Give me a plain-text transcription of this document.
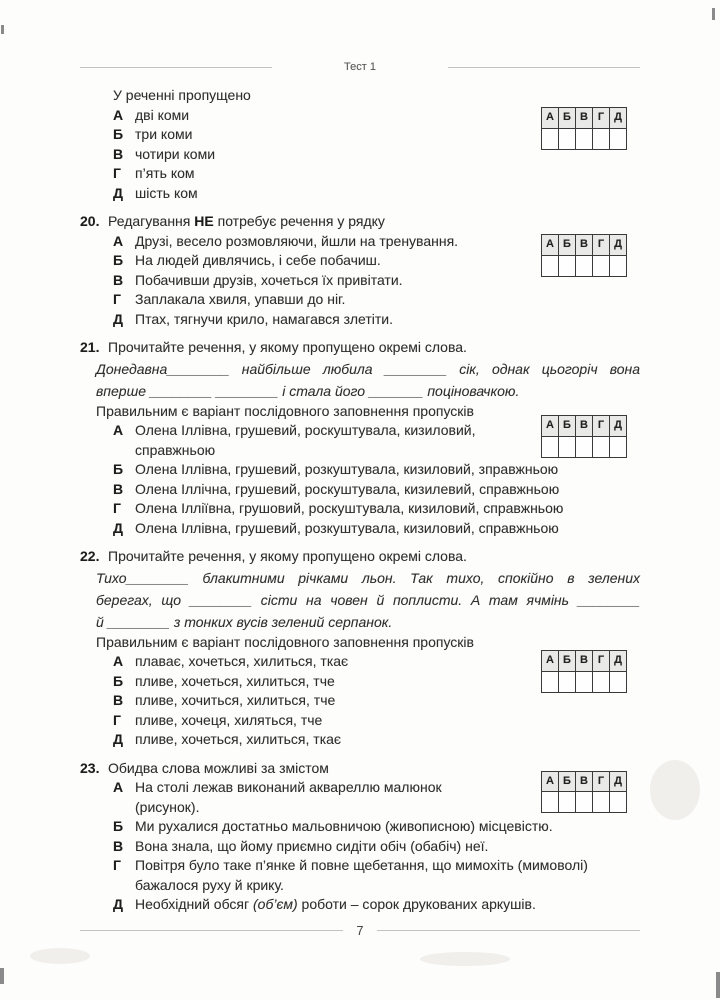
Тест 1
А	Б	В	Г	Д

У реченні пропущено
А дві коми
Б три коми
В чотири коми
Г	п’ять ком
Д шість ком
А	Б	В	Г	Д

20. Редагування НЕ потребує речення у рядку
А Друзі, весело розмовляючи, йшли на тренування.
Б На людей дивлячись, і себе побачиш.
В Побачивши друзів, хочеться їх привітати.
Г	Заплакала хвиля, упавши до ніг.
Д Птах, тягнучи крило, намагався злетіти.
А	Б	В	Г	Д

21. Прочитайте речення, у якому пропущено окремі слова.
Донедавна________ найбільше любила ________ сік, однак цьогоріч вона
вперше ________ ________ і стала його _______ поціновачкою.
Правильним є варіант послідовного заповнення пропусків
А Олена Іллівна, грушевий, роскуштувала, кизиловий,
справжньою
Б Олена Іллівна, грушевий, розкуштувала, кизиловий, зправжньою
В Олена Іллічна, грушевий, роскуштувала, кизилевий, справжньою
Г	Олена Ілліївна, грушовий, роскуштувала, кизиловий, справжньою
Д Олена Іллівна, грушевий, розкуштувала, кизиловий, справжньою
А	Б	В	Г	Д

22. Прочитайте речення, у якому пропущено окремі слова.
Тихо________ блакитними річками льон. Так тихо, спокійно в зелених
берегах, що ________ сісти на човен й поплисти. А там ячмінь ________
й ________ з тонких вусів зелений серпанок.
Правильним є варіант послідовного заповнення пропусків
А плаває, хочеться, хилиться, ткає
Б пливе, хочеться, хилиться, тче
В пливе, хочиться, хилиться, тче
Г	пливе, хочеця, хиляться, тче
Д пливе, хочеться, хилиться, ткає
А	Б	В	Г	Д

23. Обидва слова можливі за змістом
А На столі лежав виконаний аквареллю малюнок
(рисунок).
Б Ми рухалися достатньо мальовничою (живописною) місцевістю.
В Вона знала, що йому приємно сидіти обіч (обабіч) неї.
Г	Повітря було таке п’янке й повне щебетання, що мимохіть (мимоволі)
бажалося руху й крику.
Д Необхідний обсяг (об’єм) роботи – сорок друкованих аркушів.
7
